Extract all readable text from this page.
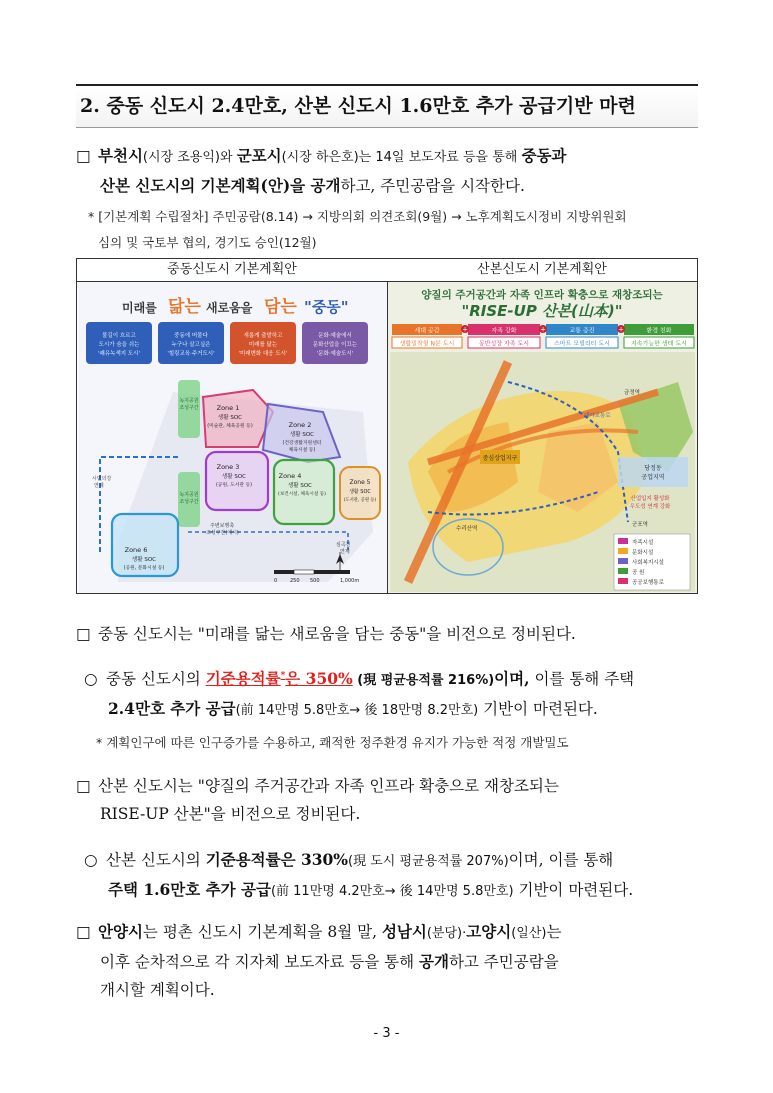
2. 중동 신도시 2.4만호, 산본 신도시 1.6만호 추가 공급기반 마련
□ 부천시(시장 조용익)와 군포시(시장 하은호)는 14일 보도자료 등을 통해 중동과
산본 신도시의 기본계획(안)을 공개하고, 주민공람을 시작한다.
* [기본계획 수립절차] 주민공람(8.14) → 지방의회 의견조회(9월) → 노후계획도시정비 지방위원회
심의 및 국토부 협의, 경기도 승인(12월)
중동신도시 기본계획안	산본신도시 기본계획안
미래를 닮는 새로움을 담는 "중동"
물길이 흐르고
도시가 숨을 쉬는
'쾌유녹색지 도시'
중동에 머물다
누구나 살고싶은
'힐링교육·주거도시'
새롭게 출발하고
미래를 닮는
'미래변화 대응 도시'
문화·예술에서
문화산업을 이끄는
'문화·예술도시'
녹지공원
조성구간
녹지공원
조성구간
Zone 1
생활 SOC
(미술관, 체육공원 등)	Zone 2
생활 SOC
(건강생활지원센터
체육시설 등)
Zone 3
생활 SOC
(공원, 도서관 등)
Zone 4
생활 SOC
(보건시설, 체육시설 등)
Zone 5
생활 SOC
(도서관, 공원 등)
Zone 6
생활 SOC
(공원, 문화시설 등)
시민의강
연계
주변보행축
조성구간(예시)
심곡천
연계
0	250 500	1,000m
양질의 주거공간과 자족 인프라 확충으로 재창조되는
"RISE-UP 산본(山本)"
세대 공감
생활밀착형 N분 도시
자족 강화
동반성장 자족 도시
교통 증진
스마트 모빌리티 도시
환경 친화
지속가능한 생태 도시
+	+	+
중심상업지구
당정동
공업지역
산업입지 활성화
우도성 연계 강화
금정역
수리산역
군포역
대야교통로
자족시설
문화시설
사회복지시설
공 원
공공보행통로
□ 중동 신도시는 "미래를 닮는 새로움을 담는 중동"을 비전으로 정비된다.
○ 중동 신도시의 기준용적률*은 350% (現 평균용적률 216%)이며, 이를 통해 주택
2.4만호 추가 공급(前 14만명 5.8만호→ 後 18만명 8.2만호) 기반이 마련된다.
* 계획인구에 따른 인구증가를 수용하고, 쾌적한 정주환경 유지가 가능한 적정 개발밀도
□ 산본 신도시는 "양질의 주거공간과 자족 인프라 확충으로 재창조되는
RISE-UP 산본"을 비전으로 정비된다.
○ 산본 신도시의 기준용적률은 330%(現 도시 평균용적률 207%)이며, 이를 통해
주택 1.6만호 추가 공급(前 11만명 4.2만호→ 後 14만명 5.8만호) 기반이 마련된다.
□ 안양시는 평촌 신도시 기본계획을 8월 말, 성남시(분당)·고양시(일산)는
이후 순차적으로 각 지자체 보도자료 등을 통해 공개하고 주민공람을
개시할 계획이다.
- 3 -
